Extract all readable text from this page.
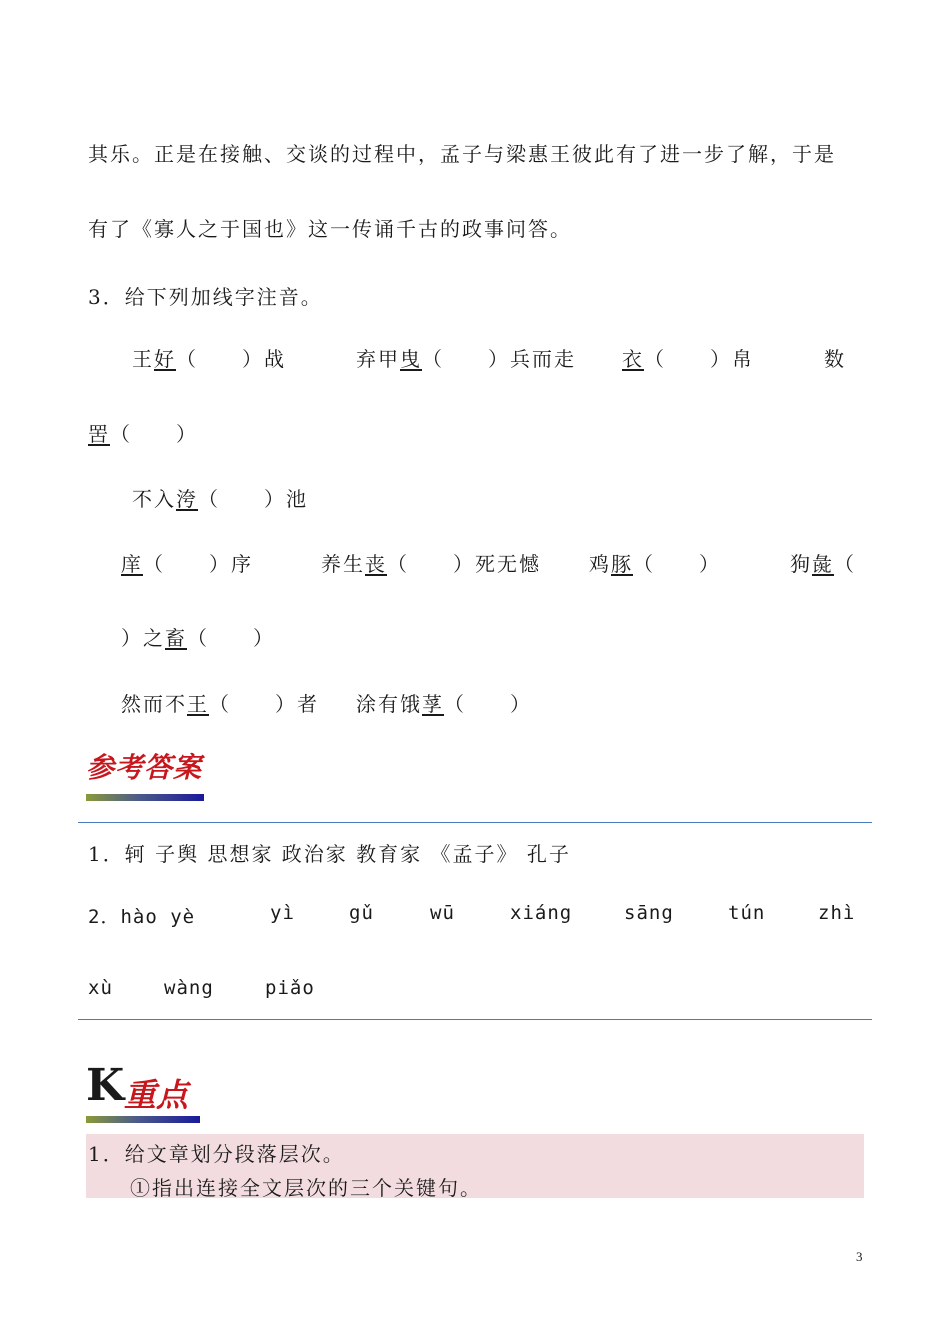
其乐。正是在接触、交谈的过程中，孟子与梁惠王彼此有了进一步了解，于是
有了《寡人之于国也》这一传诵千古的政事问答。
3．给下列加线字注音。
王好（　　）战	弃甲曳（　　）兵而走 衣（　　）帛	数
罟（　　）
不入洿（　　）池
庠（　　）序	养生丧（　　）死无憾 鸡豚（　　）	狗彘（
）之畜（　　）
然而不王（　　）者 涂有饿莩（　　）
参考答案
1．轲 子舆 思想家 政治家 教育家 《孟子》 孔子
2．hào yè	yì	gǔ	wū	xiáng	sāng	tún	zhì
xù	wàng	piǎo
K 重点
1．给文章划分段落层次。
①指出连接全文层次的三个关键句。
3
